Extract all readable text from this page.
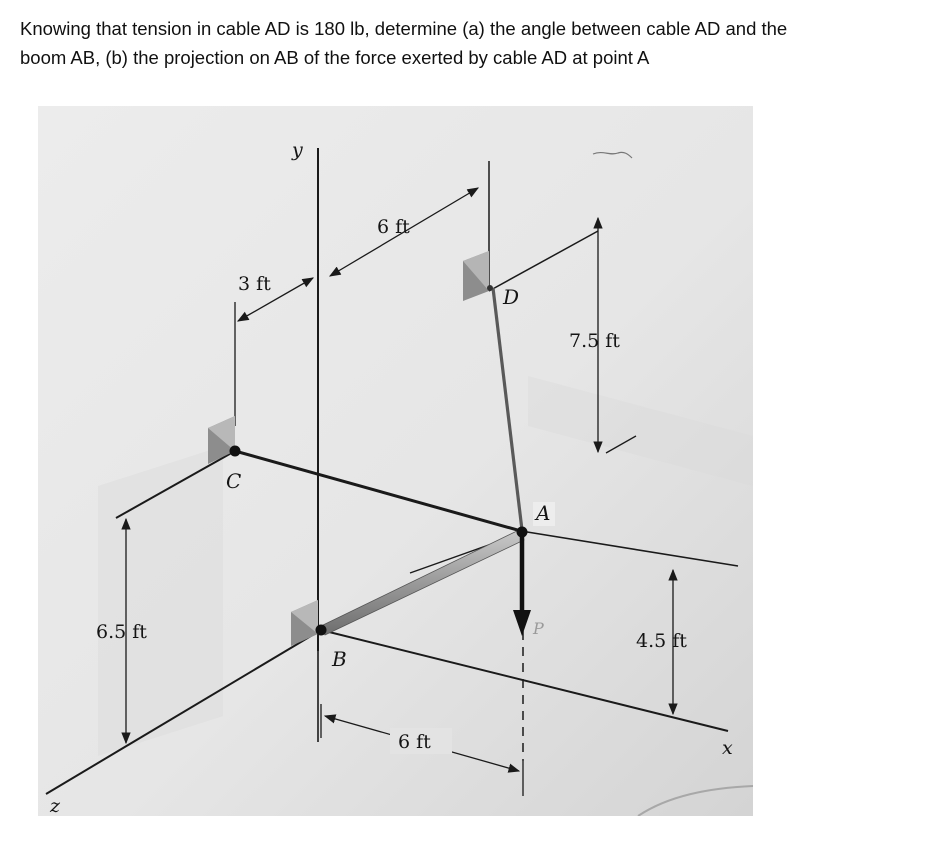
Knowing that tension in cable AD is 180 lb, determine (a) the angle between cable AD and the

boom AB, (b) the projection on AB of the force exerted by cable AD at point A

6 ft
3 ft
7.5 ft
6.5 ft	4.5 ft
6 ft
D
C
B
A
P
y
x
z
